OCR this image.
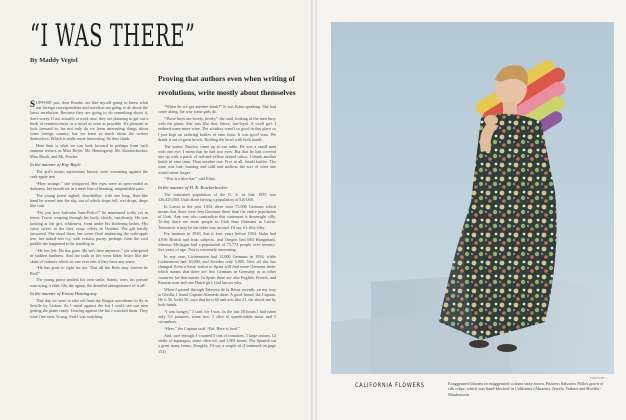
“I WAS THERE”
By Maddy Vegtel
Proving that authors even when writing of revolutions, write mostly about themselves

SUPPOSE you, dear Reader, are like myself going to know what our foreign correspondents and novelists are going to do about the latest revolution. Because they are going to do something about it, don't worry. If not actually at work now, they are planning to get out a book of reminiscences or a novel as soon as possible. It's pleasant to look forward to, for not only do we learn interesting things about some foreign country, but we learn so much about the writers themselves. Which is really more interesting. So they think.

Here then is what we can look forward to perhaps from such eminent writers as Miss Boyle, Mr. Hemingway, Mr. Knickerbocker, Miss Brush, and Mr. Fowler.

In the manner of Kay Boyle

The girl's moist, mysterious breasts were screaming against the crab-apple tree.

“How strange,” she whispered. Her eyes were as open-ended as darkness, her mouth set in a mere line of bleating, unspeakable pain.

The young priest sighed, downhillier, with one long, flute-like hand he waved into the sky, out of which drops fell, wet drops, drops like rain.

“Do you love Salvador Juan-Pedro?” he murmured softly yet in terror. Terror creeping through his body, slowly, insidiously. He was looking at the girl, whiteness, from under his fluttering lashes. His voice sweet, as the first, crisp, celery in October. The girl hardly answered. She stood there, her sweet flesh embracing the crab-apple tree, her naked feet icy, with ecstatic purity, perhaps, from the cool puddle she happened to be standing in.

“He has left. He has gone. He isn't here anymore,” she whispered in sudden madness. And the truth in her went bitter, bitter like the skins of walnuts which no one ever eats if they have any sense.

“He has gone to fight for me. That all the Reds may forever be Red!”

The young priest smiled, his own smile. Saints, wars, his private sorrowing, a shirt. Oh, the agony, the dreadful unimportance of it all!

In the manner of Ernest Hemingway

That day we were to take off from the Burgos aerodrome to fly to Seville by Lisbon. As I stood against the bar I could see our men getting the plane ready. Leaving against the bar I watched them. They were fine men, Young. And I was watching.

“When do we get another drink?” It was Edna speaking. She had come along, the way some girls do.

“These boys are lovely, lovely,” she said, looking at the men busy with the plane. She was like that, fierce, fun-loyal. A swell girl. I ordered some more wine. The whiskey wasn't so good in that place so I just kept on ordering bottles of vino tinto. It was good vino. We drank it out of great bowls. Holding the bowl with both hands.

The waiter, Pancho, came up to our table. He was a small man with one eye. I mean that he had two eyes. But that he had covered one up with a patch of red-and-yellow dotted calico. I drank another bottle of vino tinto. Then another one. Five in all. Small bottles. The wine was fine, burning and cold and mellow, the sort of wine one would never forget.

“This is a nice bar,” said Edna.

In the manner of H. R. Knickerbocker

The estimated population of the U. S. in July 1935 was 126,425,000. Utah alone having a population of 520,000.

In Latvia in the year 1934, there were 75,000 Germans which means that there were less Germans there than the entire population of Utah. Any one who contradicts this statement is downright silly. To-day there are more people in Utah than Germans in Latvia. Tomorrow it may be the other way around. I'd say it's fifty-fifty.

For instance in 1930, that is four years before 1934, Idaho had 4,956 British and Irish subjects, and Oregon had 684 Hungarians, whereas Michigan had a population of 73,774 people over seventy-five years of age. This is extremely interesting.

In any case, Lichtenstein had 12,000 Germans in 1934, while Lichtenstein had 10,000, and Sweden only 5,000. Now all this has changed. Even a hasty visitor to Spain will find more Germans there, which means that there are less Germans in Germany or in other countries for that matter. In Spain there are also English, French, and Russian men and one Dutch girl, God knows why.

When I passed through Talavera de la Reina recently on my way to Oleilla, I found Captain Alameda there. A good friend, the Captain. He is 56, looks 50, says that he is 60 and acts like 21, the shook me by both hands.

“I was hungry,” I said, for I was. In the last 28 hours I had eaten only 3½ potatoes, some rice, 1 slice of questionable meat, and 5 cucumbers.

“Here,” the Captain said. “Eat. Here is food.”

And, sure enough, I counted 5 tins of tomatoes, 3 large onions, 12 stalks of asparagus, some olive-oil, and 1,001 beans. The Spanish eat a great many beans. Roughly, I'd say a couple of (Continued on page 152)

PHOTO BY ...
CALIFORNIA FLOWERS	Exaggerated blooms in exaggerated colours stray across Princess Salvador Palla's gown of silk crêpe, which was hand-blocked in California (Abrams). Jewels, Trabert and Hoeffer-Mauboussin
